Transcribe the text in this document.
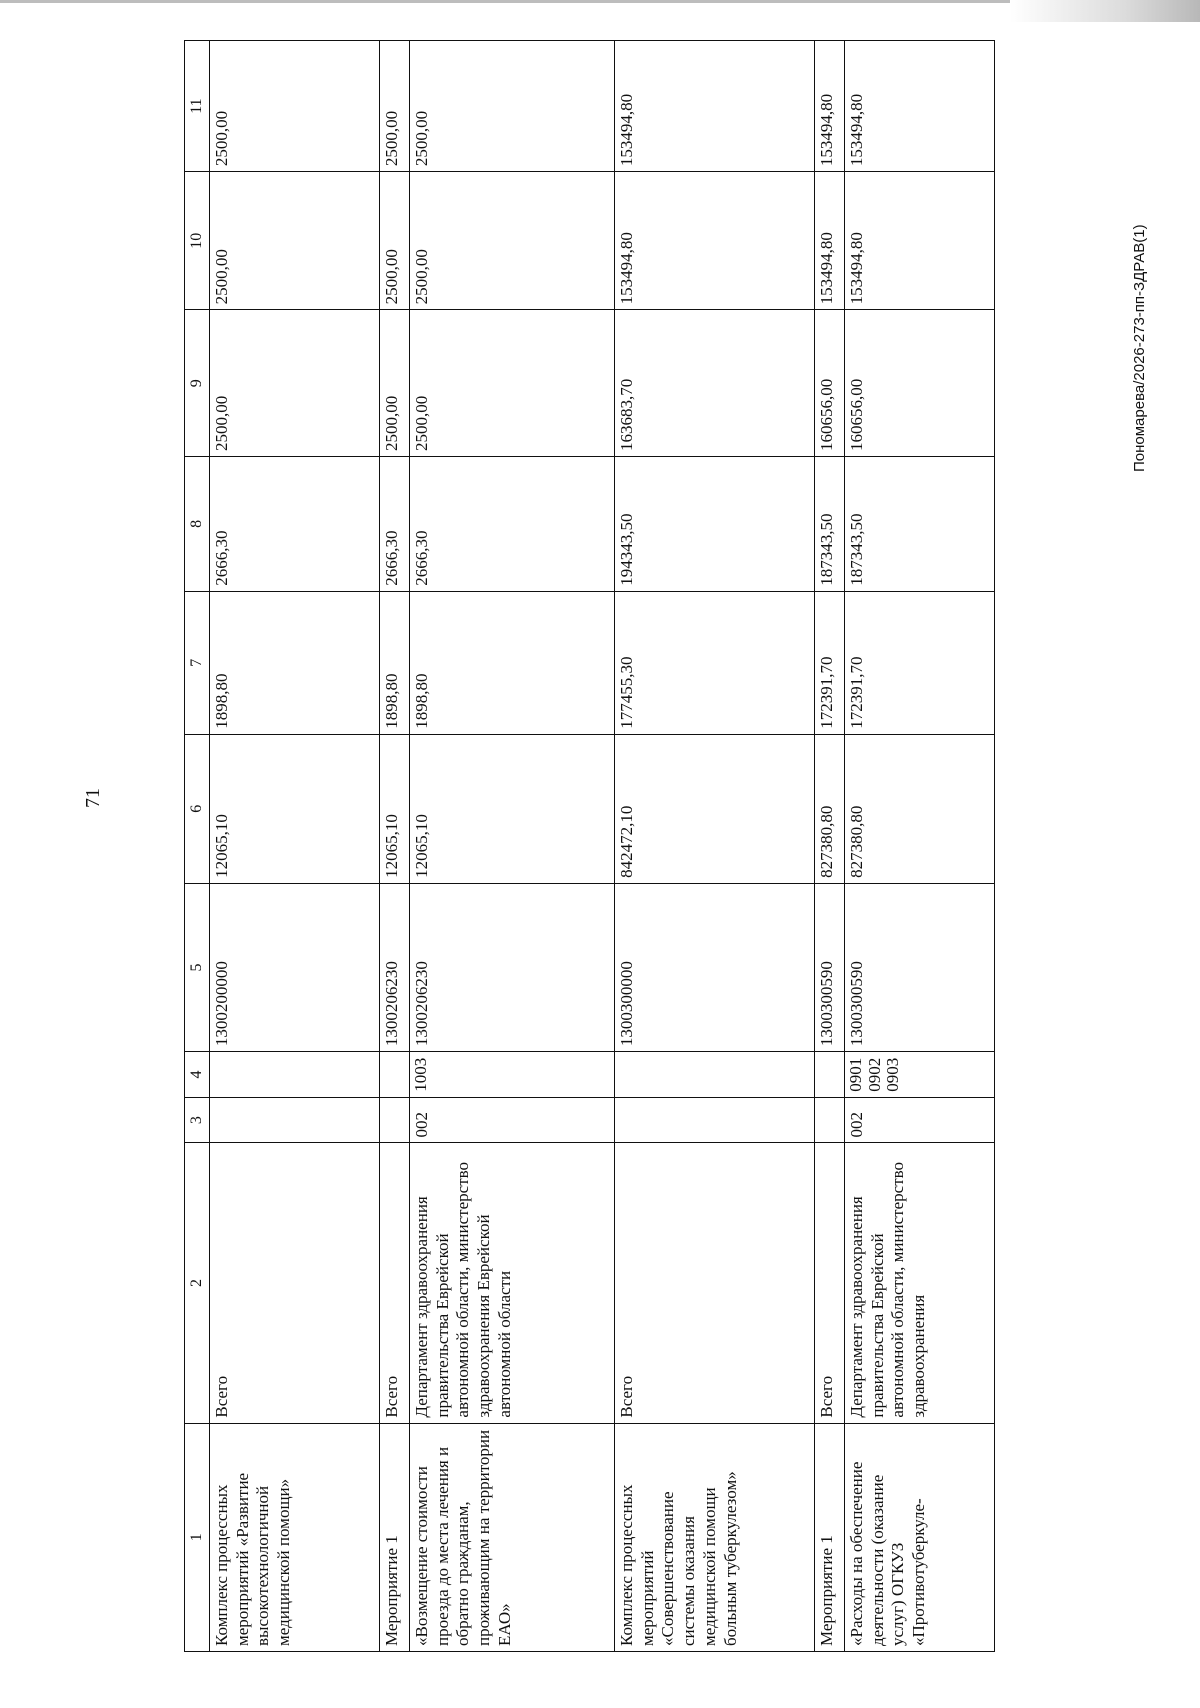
71
1	2	3	4	5	6	7	8	9	10	11
Комплекс процессных мероприятий «Развитие высокотехнологичной медицинской помощи»	Всего			1300200000	12065,10	1898,80	2666,30	2500,00	2500,00	2500,00
Мероприятие 1	Всего			1300206230	12065,10	1898,80	2666,30	2500,00	2500,00	2500,00
«Возмещение стоимости проезда до места лечения и обратно гражданам, проживающим на территории ЕАО»	Департамент здравоохранения правительства Еврейской автономной области, министерство здравоохранения Еврейской автономной области	002	1003	1300206230	12065,10	1898,80	2666,30	2500,00	2500,00	2500,00
Комплекс процессных мероприятий «Совершенствование системы оказания медицинской помощи больным туберкулезом»	Всего			1300300000	842472,10	177455,30	194343,50	163683,70	153494,80	153494,80
Мероприятие 1	Всего			1300300590	827380,80	172391,70	187343,50	160656,00	153494,80	153494,80
«Расходы на обеспечение деятельности (оказание услуг) ОГКУЗ «Противотуберкуле-	Департамент здравоохранения правительства Еврейской автономной области, министерство здравоохранения	002	0901 0902 0903	1300300590	827380,80	172391,70	187343,50	160656,00	153494,80	153494,80
Пономарева/2026-273-пп-ЗДРАВ(1)
